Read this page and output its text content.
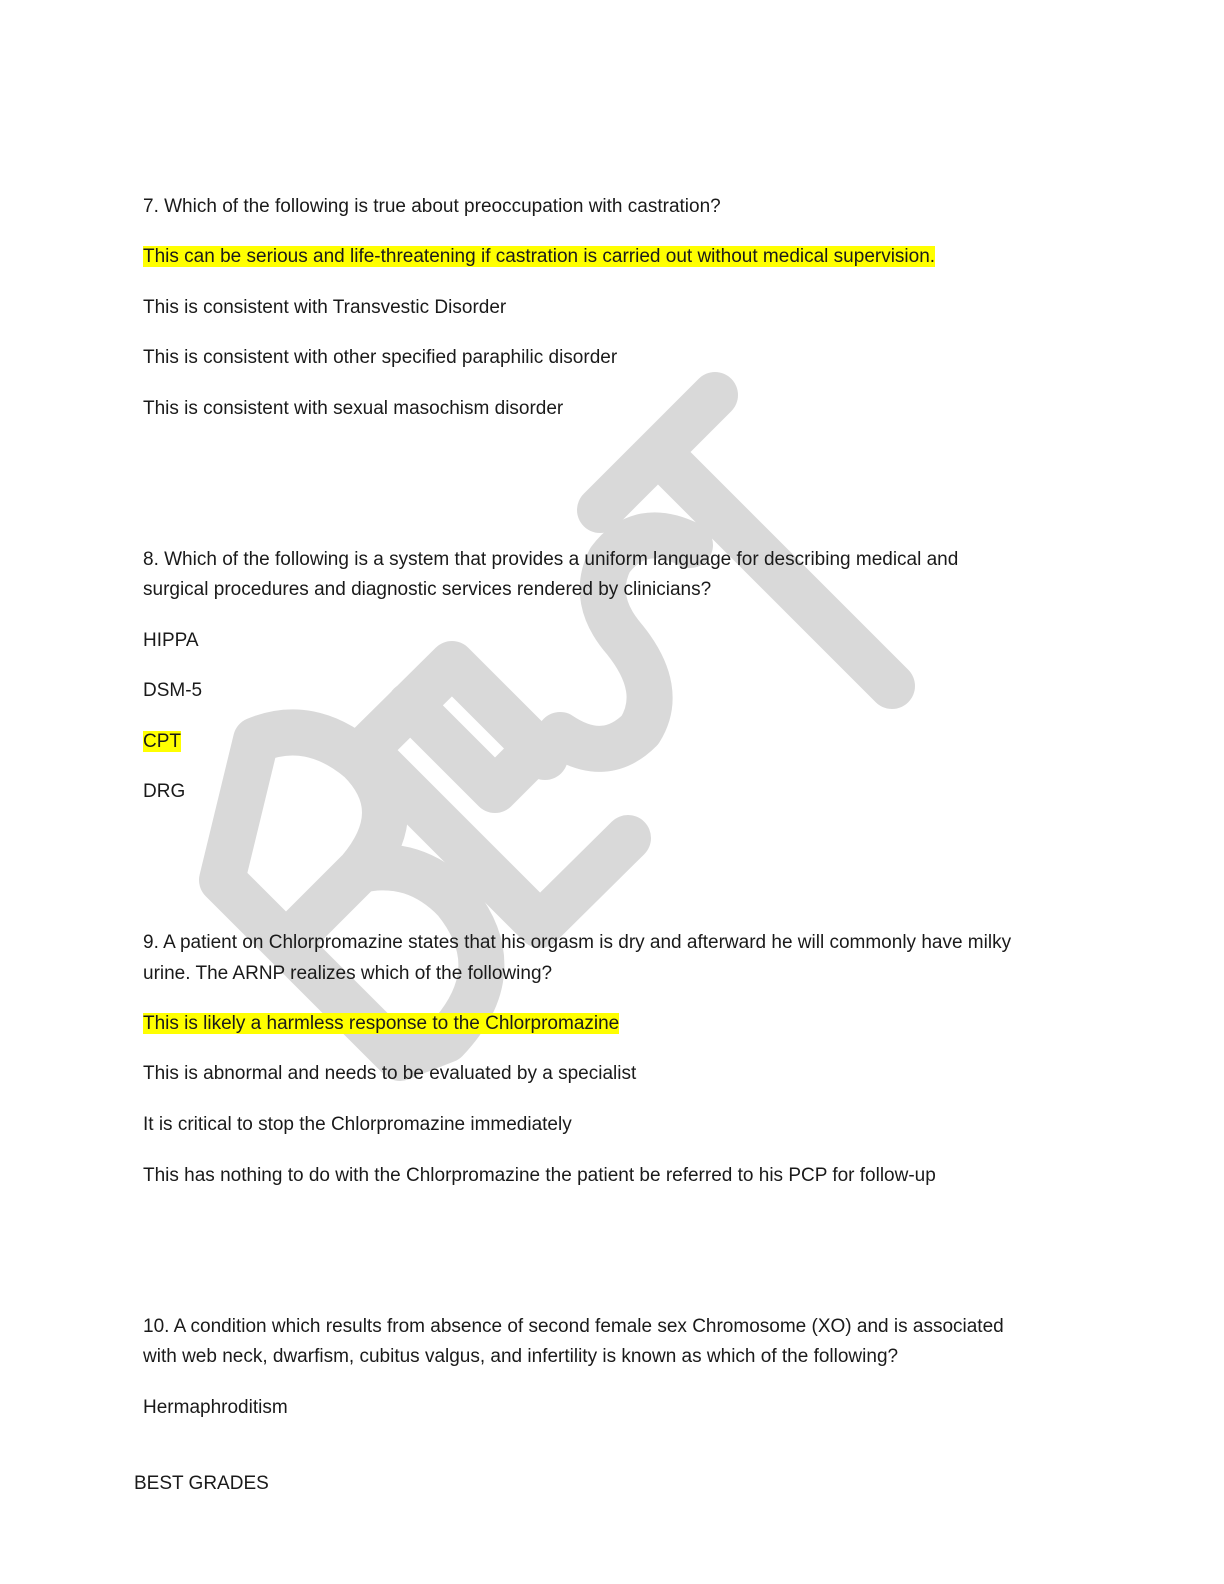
7. Which of the following is true about preoccupation with castration?
This can be serious and life-threatening if castration is carried out without medical supervision.
This is consistent with Transvestic Disorder
This is consistent with other specified paraphilic disorder
This is consistent with sexual masochism disorder
8. Which of the following is a system that provides a uniform language for describing medical and
surgical procedures and diagnostic services rendered by clinicians?
HIPPA
DSM-5
CPT
DRG
9. A patient on Chlorpromazine states that his orgasm is dry and afterward he will commonly have milky
urine. The ARNP realizes which of the following?
This is likely a harmless response to the Chlorpromazine
This is abnormal and needs to be evaluated by a specialist
It is critical to stop the Chlorpromazine immediately
This has nothing to do with the Chlorpromazine the patient be referred to his PCP for follow-up
10. A condition which results from absence of second female sex Chromosome (XO) and is associated
with web neck, dwarfism, cubitus valgus, and infertility is known as which of the following?
Hermaphroditism
BEST GRADES
